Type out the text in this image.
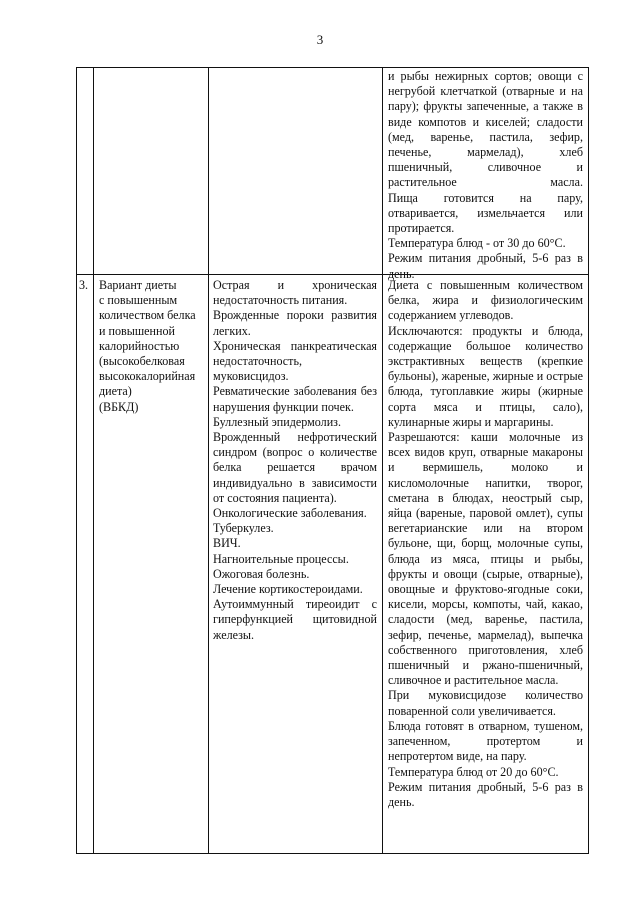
3

и рыбы нежирных сортов; овощи с негрубой клетчаткой (отварные и на пару); фрукты запеченные, а также в виде компотов и киселей; сладости (мед, варенье, пастила, зефир, печенье, мармелад), хлеб пшеничный, сливочное и растительное масла.

Пища готовится на пару, отваривается, измельчается или протирается.

Температура блюд - от 30 до 60°С.

Режим питания дробный, 5-6 раз в день.

3. Вариант диеты

с повышенным

количеством белка

и повышенной

калорийностью

(высокобелковая

высококалорийная

диета)

(ВБКД)

Острая и хроническая недостаточность питания.

Врожденные пороки развития легких.

Хроническая панкреатическая недостаточность, муковисцидоз.

Ревматические заболевания без нарушения функции почек.

Буллезный эпидермолиз.

Врожденный нефротический синдром (вопрос о количестве белка решается врачом индивидуально в зависимости от состояния пациента).

Онкологические заболевания.

Туберкулез.

ВИЧ.

Нагноительные процессы.

Ожоговая болезнь.

Лечение кортикостероидами.

Аутоиммунный тиреоидит с гиперфункцией щитовидной железы.

Диета с повышенным количеством белка, жира и физиологическим содержанием углеводов.

Исключаются: продукты и блюда, содержащие большое количество экстрактивных веществ (крепкие бульоны), жареные, жирные и острые блюда, тугоплавкие жиры (жирные сорта мяса и птицы, сало), кулинарные жиры и маргарины.

Разрешаются: каши молочные из всех видов круп, отварные макароны и вермишель, молоко и кисломолочные напитки, творог, сметана в блюдах, неострый сыр, яйца (вареные, паровой омлет), супы вегетарианские или на втором бульоне, щи, борщ, молочные супы, блюда из мяса, птицы и рыбы, фрукты и овощи (сырые, отварные), овощные и фруктово-ягодные соки, кисели, морсы, компоты, чай, какао, сладости (мед, варенье, пастила, зефир, печенье, мармелад), выпечка собственного приготовления, хлеб пшеничный и ржано-пшеничный, сливочное и растительное масла.

При муковисцидозе количество поваренной соли увеличивается.

Блюда готовят в отварном, тушеном, запеченном, протертом и непротертом виде, на пару.

Температура блюд от 20 до 60°С.

Режим питания дробный, 5-6 раз в день.
